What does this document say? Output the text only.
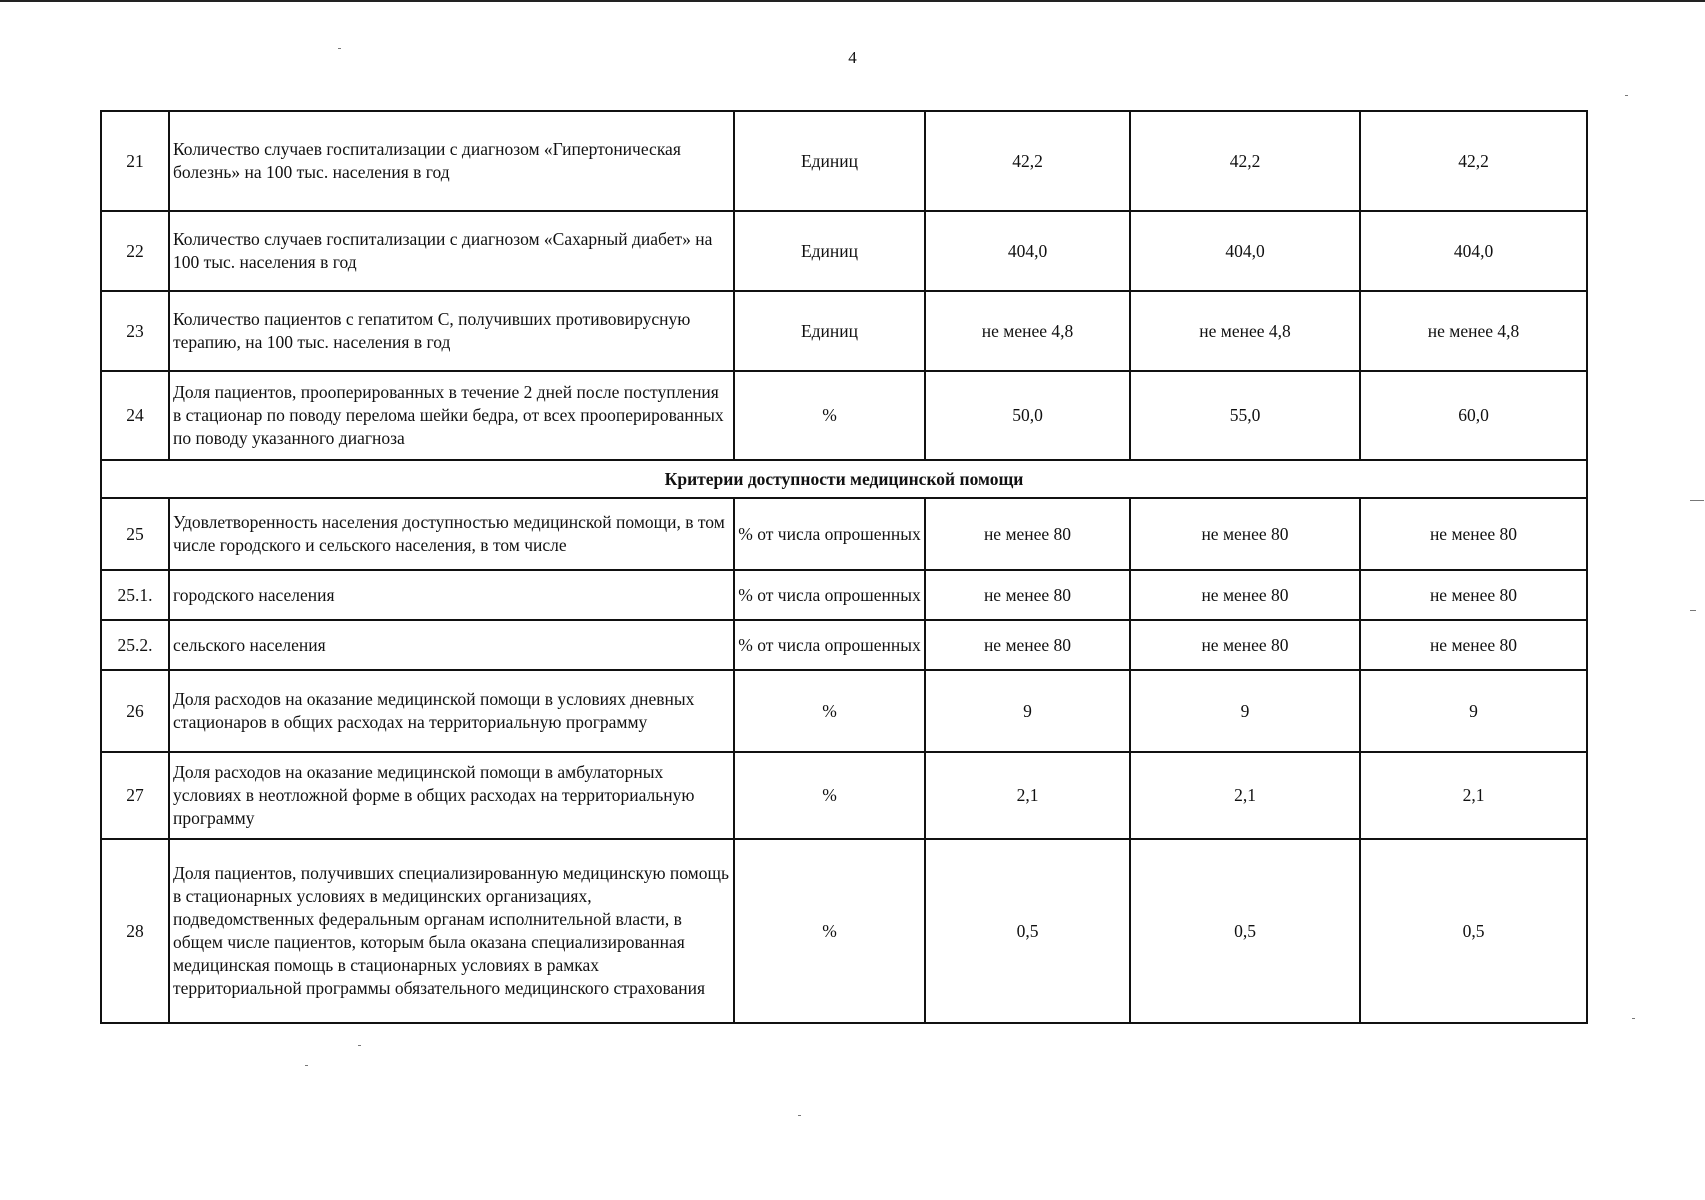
4
21	Количество случаев госпитализации с диагнозом «Гипертоническая болезнь» на 100 тыс. населения в год	Единиц	42,2	42,2	42,2
22	Количество случаев госпитализации с диагнозом «Сахарный диабет» на 100 тыс. населения в год	Единиц	404,0	404,0	404,0
23	Количество пациентов с гепатитом С, получивших противовирусную терапию, на 100 тыс. населения в год	Единиц	не менее 4,8	не менее 4,8	не менее 4,8
24	Доля пациентов, прооперированных в течение 2 дней после поступления в стационар по поводу перелома шейки бедра, от всех прооперированных по поводу указанного диагноза	%	50,0	55,0	60,0
Критерии доступности медицинской помощи					
25	Удовлетворенность населения доступностью медицинской помощи, в том числе городского и сельского населения, в том числе	% от числа опрошенных	не менее 80	не менее 80	не менее 80
25.1.	городского населения	% от числа опрошенных	не менее 80	не менее 80	не менее 80
25.2.	сельского населения	% от числа опрошенных	не менее 80	не менее 80	не менее 80
26	Доля расходов на оказание медицинской помощи в условиях дневных стационаров в общих расходах на территориальную программу	%	9	9	9
27	Доля расходов на оказание медицинской помощи в амбулаторных условиях в неотложной форме в общих расходах на территориальную программу	%	2,1	2,1	2,1
28	Доля пациентов, получивших специализированную медицинскую помощь в стационарных условиях в медицинских организациях, подведомственных федеральным органам исполнительной власти, в общем числе пациентов, которым была оказана специализированная медицинская помощь в стационарных условиях в рамках территориальной программы обязательного медицинского страхования	%	0,5	0,5	0,5
